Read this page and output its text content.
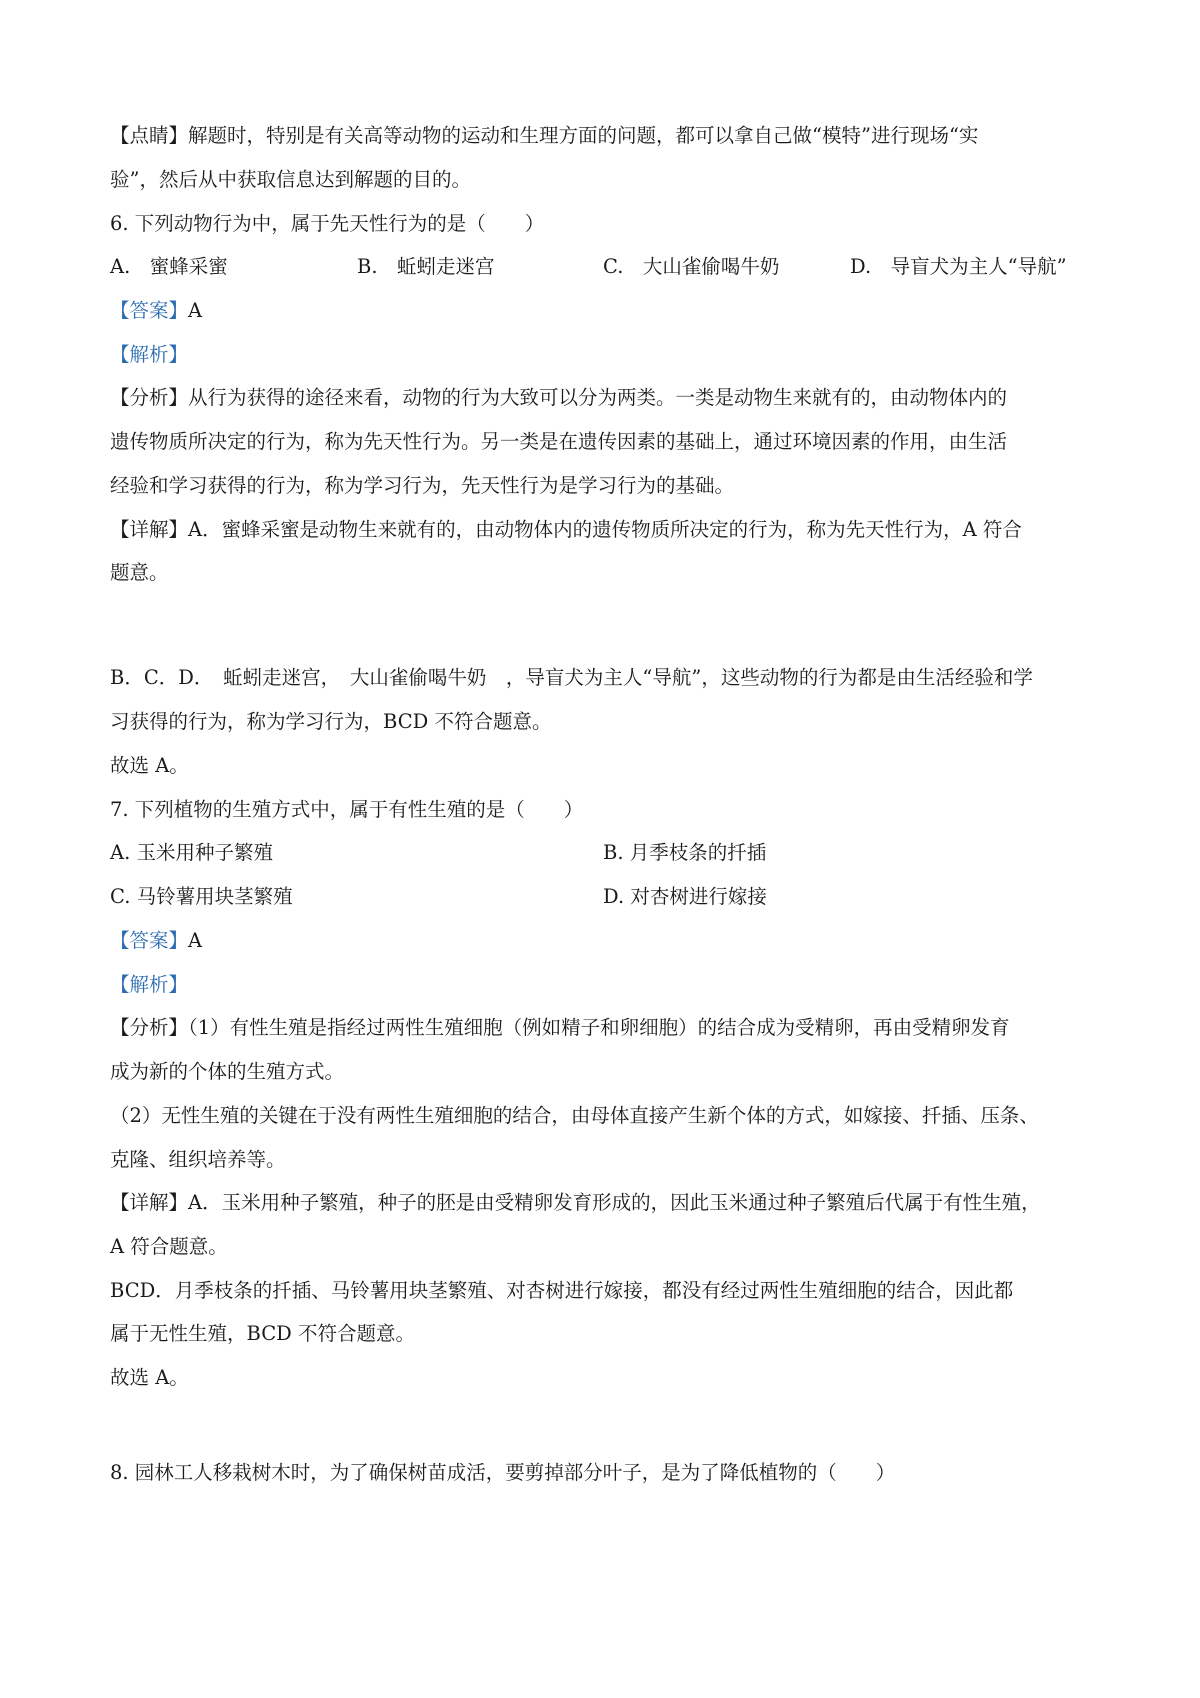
【点睛】解题时，特别是有关高等动物的运动和生理方面的问题，都可以拿自己做“模特”进行现场“实
验”，然后从中获取信息达到解题的目的。
6. 下列动物行为中，属于先天性行为的是（　　）
A.　蜜蜂采蜜	B.　蚯蚓走迷宫	C.　大山雀偷喝牛奶	D.　导盲犬为主人“导航”
【答案】A
【解析】
【分析】从行为获得的途径来看，动物的行为大致可以分为两类。一类是动物生来就有的，由动物体内的
遗传物质所决定的行为，称为先天性行为。另一类是在遗传因素的基础上，通过环境因素的作用，由生活
经验和学习获得的行为，称为学习行为，先天性行为是学习行为的基础。
【详解】A．蜜蜂采蜜是动物生来就有的，由动物体内的遗传物质所决定的行为，称为先天性行为，A 符合
题意。
B．C．D．　蚯蚓走迷宫，　大山雀偷喝牛奶　，导盲犬为主人“导航”，这些动物的行为都是由生活经验和学
习获得的行为，称为学习行为，BCD 不符合题意。
故选 A。
7. 下列植物的生殖方式中，属于有性生殖的是（　　）
A. 玉米用种子繁殖	B. 月季枝条的扦插
C. 马铃薯用块茎繁殖	D. 对杏树进行嫁接
【答案】A
【解析】
【分析】（1）有性生殖是指经过两性生殖细胞（例如精子和卵细胞）的结合成为受精卵，再由受精卵发育
成为新的个体的生殖方式。
（2）无性生殖的关键在于没有两性生殖细胞的结合，由母体直接产生新个体的方式，如嫁接、扦插、压条、
克隆、组织培养等。
【详解】A．玉米用种子繁殖，种子的胚是由受精卵发育形成的，因此玉米通过种子繁殖后代属于有性生殖，
A 符合题意。
BCD．月季枝条的扦插、马铃薯用块茎繁殖、对杏树进行嫁接，都没有经过两性生殖细胞的结合，因此都
属于无性生殖，BCD 不符合题意。
故选 A。
8. 园林工人移栽树木时，为了确保树苗成活，要剪掉部分叶子，是为了降低植物的（　　）
